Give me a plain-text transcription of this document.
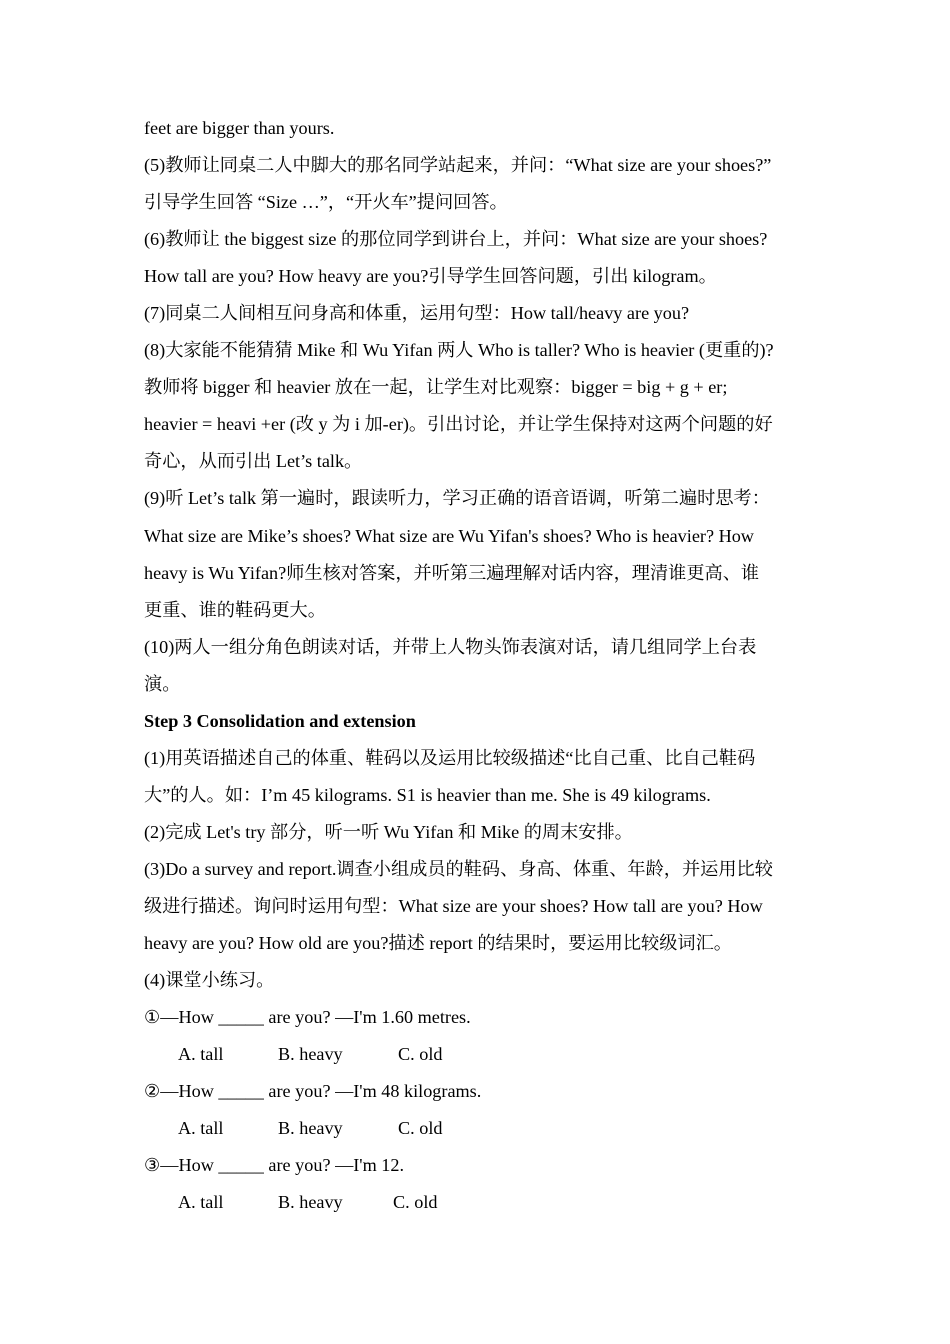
feet are bigger than yours.
(5)教师让同桌二人中脚大的那名同学站起来，并问：“What size are your shoes?”
引导学生回答 “Size …”，“开火车”提问回答。
(6)教师让 the biggest size 的那位同学到讲台上，并问：What size are your shoes?
How tall are you? How heavy are you?引导学生回答问题，引出 kilogram。
(7)同桌二人间相互问身高和体重，运用句型：How tall/heavy are you?
(8)大家能不能猜猜 Mike 和 Wu Yifan 两人 Who is taller? Who is heavier (更重的)?
教师将 bigger 和 heavier 放在一起，让学生对比观察：bigger = big + g + er;
heavier = heavi +er (改 y 为 i 加-er)。引出讨论，并让学生保持对这两个问题的好
奇心，从而引出 Let’s talk。
(9)听 Let’s talk 第一遍时，跟读听力，学习正确的语音语调，听第二遍时思考：
What size are Mike’s shoes? What size are Wu Yifan's shoes? Who is heavier? How
heavy is Wu Yifan?师生核对答案，并听第三遍理解对话内容，理清谁更高、谁
更重、谁的鞋码更大。
(10)两人一组分角色朗读对话，并带上人物头饰表演对话，请几组同学上台表
演。
Step 3 Consolidation and extension
(1)用英语描述自己的体重、鞋码以及运用比较级描述“比自己重、比自己鞋码
大”的人。如：I’m 45 kilograms. S1 is heavier than me. She is 49 kilograms.
(2)完成 Let's try 部分，听一听 Wu Yifan 和 Mike 的周末安排。
(3)Do a survey and report.调查小组成员的鞋码、身高、体重、年龄，并运用比较
级进行描述。询问时运用句型：What size are your shoes? How tall are you? How
heavy are you? How old are you?描述 report 的结果时，要运用比较级词汇。
(4)课堂小练习。
①—How _____ are you? —I'm 1.60 metres.
A. tall	B. heavy	C. old
②—How _____ are you? —I'm 48 kilograms.
A. tall	B. heavy	C. old
③—How _____ are you? —I'm 12.
A. tall	B. heavy	C. old
